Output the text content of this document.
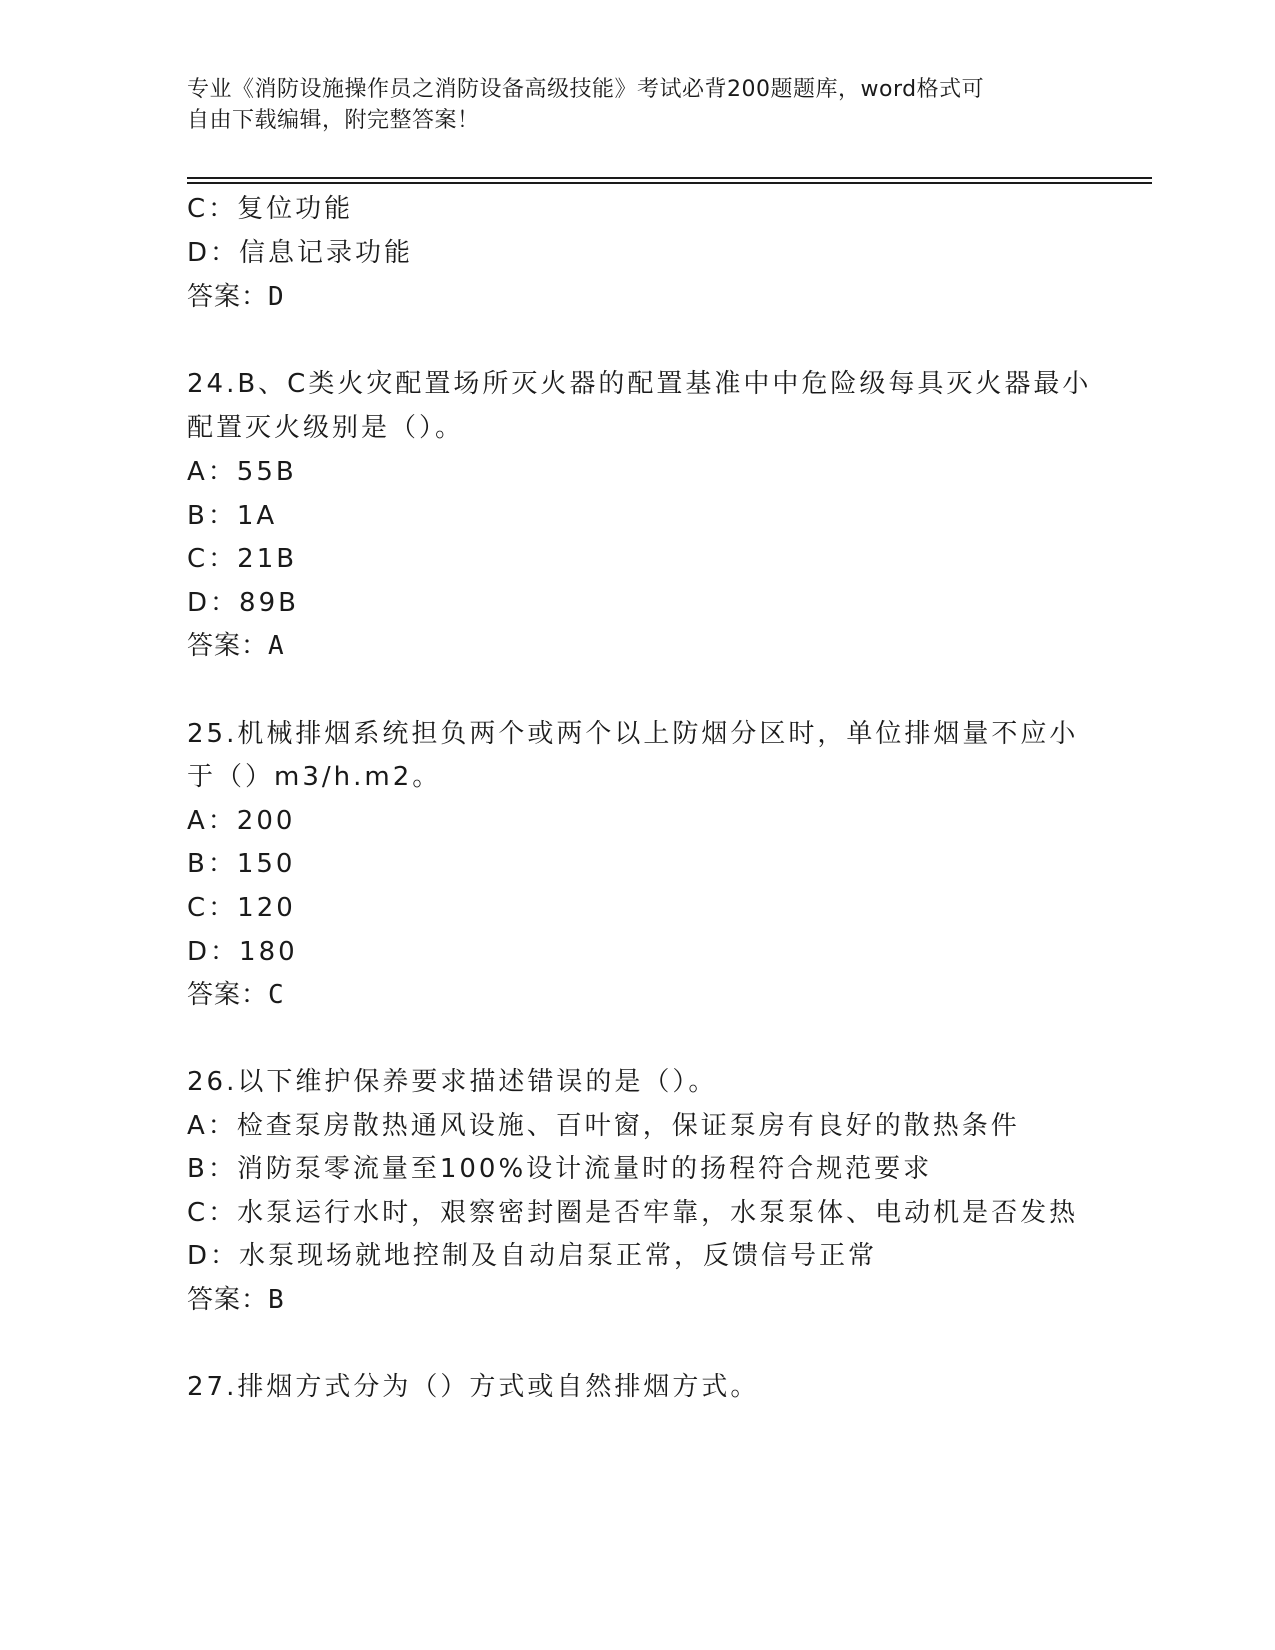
专业《消防设施操作员之消防设备高级技能》考试必背200题题库，word格式可
自由下载编辑，附完整答案！
C：复位功能
D：信息记录功能
答案：D
24.B、C类火灾配置场所灭火器的配置基准中中危险级每具灭火器最小
配置灭火级别是（）。
A：55B
B：1A
C：21B
D：89B
答案：A
25.机械排烟系统担负两个或两个以上防烟分区时，单位排烟量不应小
于（）m3/h.m2。
A：200
B：150
C：120
D：180
答案：C
26.以下维护保养要求描述错误的是（）。
A：检查泵房散热通风设施、百叶窗，保证泵房有良好的散热条件
B：消防泵零流量至100%设计流量时的扬程符合规范要求
C：水泵运行水时，艰察密封圈是否牢靠，水泵泵体、电动机是否发热
D：水泵现场就地控制及自动启泵正常，反馈信号正常
答案：B
27.排烟方式分为（）方式或自然排烟方式。
